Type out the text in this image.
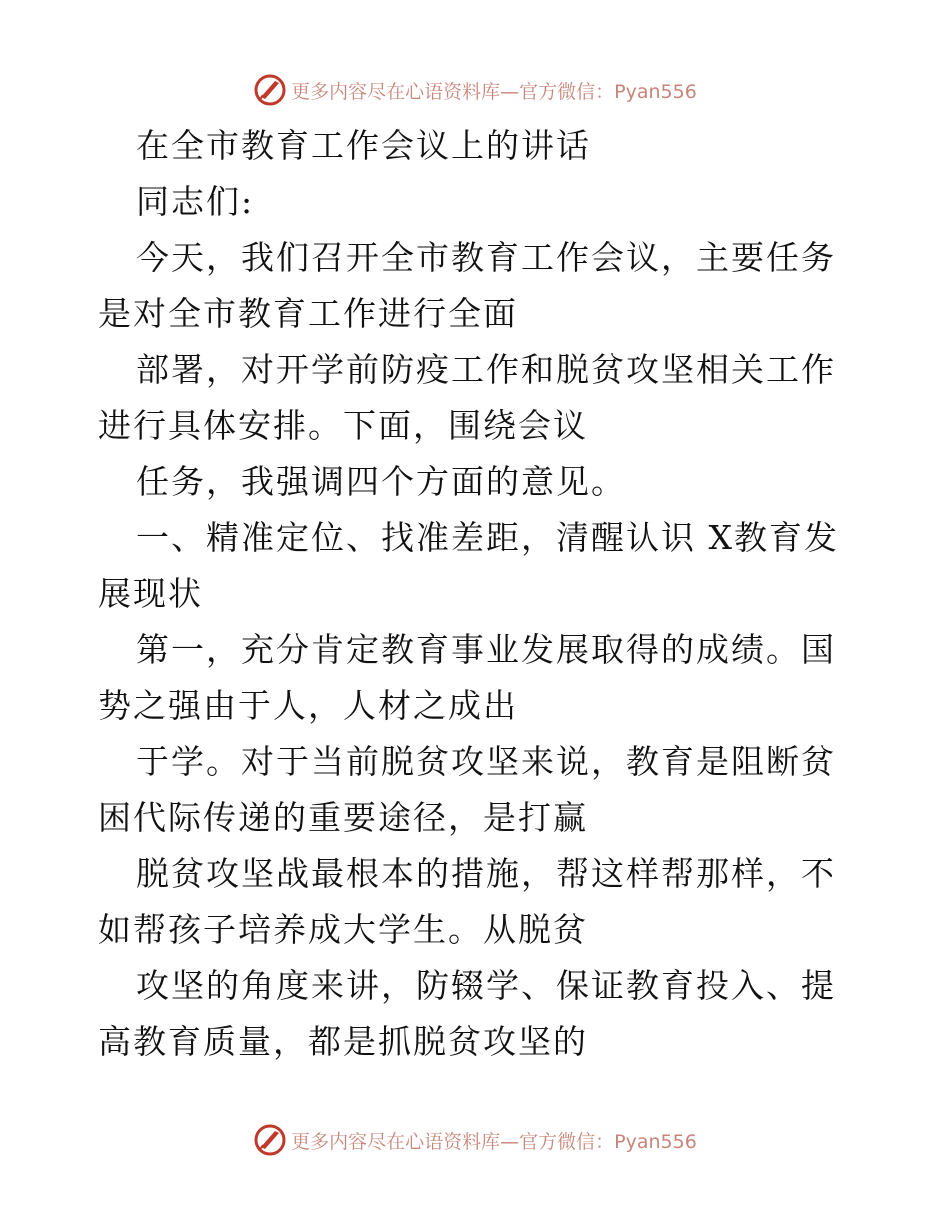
更多内容尽在心语资料库—官方微信：Pyan556

在全市教育工作会议上的讲话

同志们:

今天，我们召开全市教育工作会议，主要任务是对全市教育工作进行全面

部署，对开学前防疫工作和脱贫攻坚相关工作进行具体安排。下面，围绕会议

任务，我强调四个方面的意见。

一、精准定位、找准差距，清醒认识 X教育发展现状

第一，充分肯定教育事业发展取得的成绩。国势之强由于人，人材之成出

于学。对于当前脱贫攻坚来说，教育是阻断贫困代际传递的重要途径，是打赢

脱贫攻坚战最根本的措施，帮这样帮那样，不如帮孩子培养成大学生。从脱贫

攻坚的角度来讲，防辍学、保证教育投入、提高教育质量，都是抓脱贫攻坚的

更多内容尽在心语资料库—官方微信：Pyan556
